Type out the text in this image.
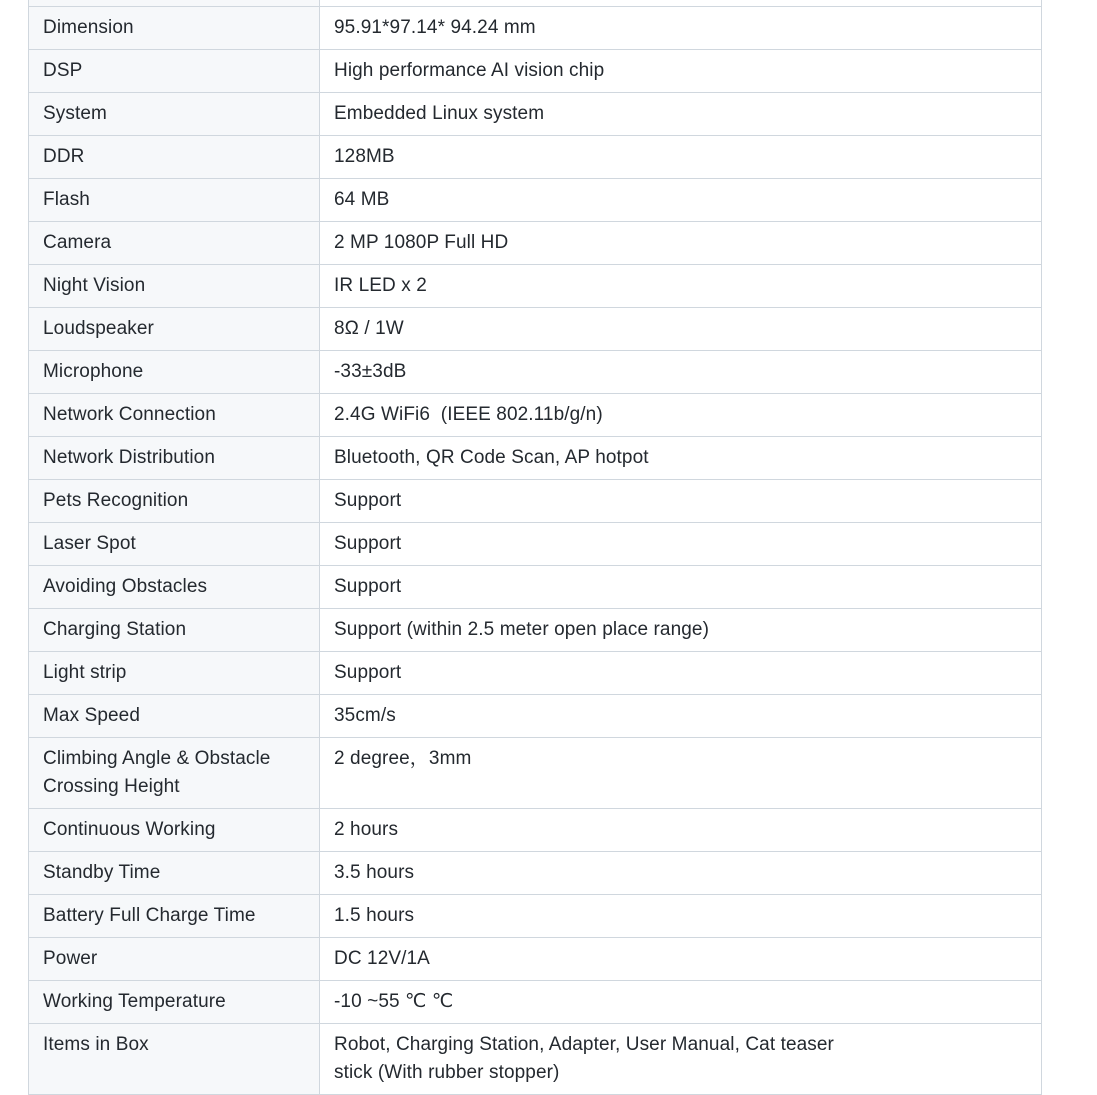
Dimension	95.91*97.14* 94.24 mm

DSP	High performance AI vision chip

System	Embedded Linux system

DDR	128MB

Flash	64 MB

Camera	2 MP 1080P Full HD

Night Vision	IR LED x 2

Loudspeaker	8Ω / 1W

Microphone	-33±3dB

Network Connection	2.4G WiFi6  (IEEE 802.11b/g/n)

Network Distribution	Bluetooth, QR Code Scan, AP hotpot

Pets Recognition	Support

Laser Spot	Support

Avoiding Obstacles	Support

Charging Station	Support (within 2.5 meter open place range)

Light strip	Support

Max Speed	35cm/s

Climbing Angle & Obstacle Crossing Height	2 degree，3mm

Continuous Working	2 hours

Standby Time	3.5 hours

Battery Full Charge Time	1.5 hours

Power	DC 12V/1A

Working Temperature	-10 ~55 ℃ ℃

Items in Box	Robot, Charging Station, Adapter, User Manual, Cat teaser stick (With rubber stopper)
